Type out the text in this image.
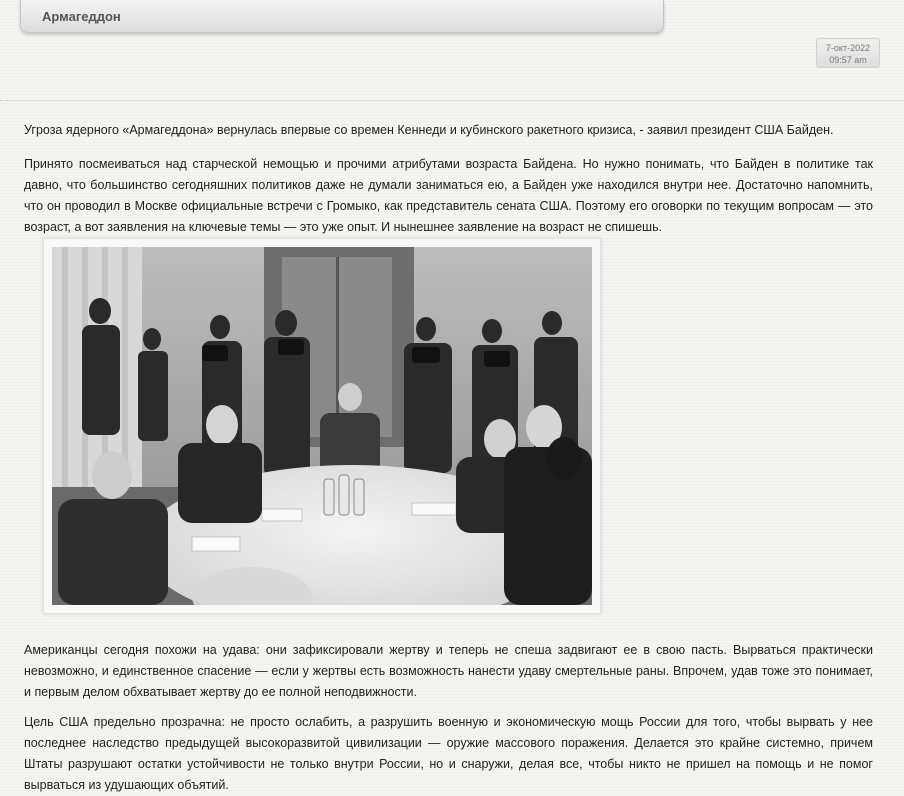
Армагеддон
7-окт-2022
09:57 am

Угроза ядерного «Армагеддона» вернулась впервые со времен Кеннеди и кубинского ракетного кризиса, - заявил президент США Байден.

Принято посмеиваться над старческой немощью и прочими атрибутами возраста Байдена. Но нужно понимать, что Байден в политике так давно, что большинство сегодняшних политиков даже не думали заниматься ею, а Байден уже находился внутри нее. Достаточно напомнить, что он проводил в Москве официальные встречи с Громыко, как представитель сената США. Поэтому его оговорки по текущим вопросам — это возраст, а вот заявления на ключевые темы — это уже опыт. И нынешнее заявление на возраст не спишешь.

Американцы сегодня похожи на удава: они зафиксировали жертву и теперь не спеша задвигают ее в свою пасть. Вырваться практически невозможно, и единственное спасение — если у жертвы есть возможность нанести удаву смертельные раны. Впрочем, удав тоже это понимает, и первым делом обхватывает жертву до ее полной неподвижности.

Цель США предельно прозрачна: не просто ослабить, а разрушить военную и экономическую мощь России для того, чтобы вырвать у нее последнее наследство предыдущей высокоразвитой цивилизации — оружие массового поражения. Делается это крайне системно, причем Штаты разрушают остатки устойчивости не только внутри России, но и снаружи, делая все, чтобы никто не пришел на помощь и не помог вырваться из удушающих объятий.
